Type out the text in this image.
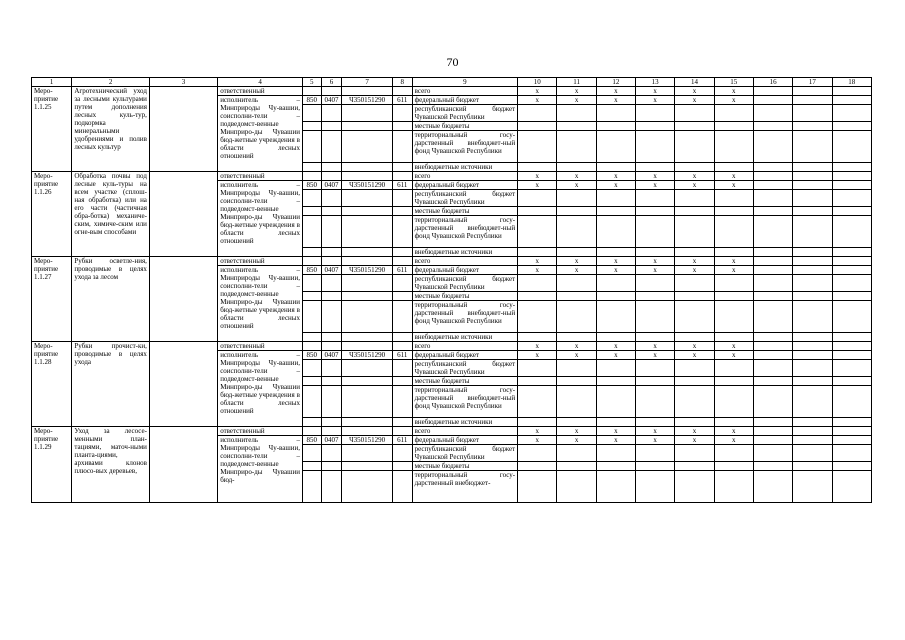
70
1	2	3	4	5	6	7	8	9	10	11	12	13	14	15	16	17	18
Меро-приятие 1.1.25	Агротехнический уход за лесными культурами путем дополнения лесных куль-тур, подкормка минеральными удобрениями и полив лесных культур		ответственный					всего	x	x	x	x	x	x			
			исполнитель – Минприроды Чу-вашии, соисполни-тели – подведомст-венные Минприро-ды Чувашии бюд-жетные учреждения в области лесных отношений	850	0407	Ч350151290	611	федеральный бюджет	x	x	x	x	x	x			
								республиканский бюджет Чувашской Республики									
								местные бюджеты									
								территориальный госу-дарственный внебюджет-ный фонд Чувашской Республики									
								внебюджетные источники									
Меро-приятие 1.1.26	Обработка почвы под лесные куль-туры на всем участке (сплош-ная обработка) или на его части (частичная обра-ботка) механиче-ским, химиче-ским или огне-вым способами		ответственный					всего	x	x	x	x	x	x			
			исполнитель – Минприроды Чу-вашии, соисполни-тели – подведомст-венные Минприро-ды Чувашии бюд-жетные учреждения в области лесных отношений	850	0407	Ч350151290	611	федеральный бюджет	x	x	x	x	x	x			
								республиканский бюджет Чувашской Республики									
								местные бюджеты									
								территориальный госу-дарственный внебюджет-ный фонд Чувашской Республики									
								внебюджетные источники									
Меро-приятие 1.1.27	Рубки осветле-ния, проводимые в целях ухода за лесом		ответственный					всего	x	x	x	x	x	x			
			исполнитель – Минприроды Чу-вашии, соисполни-тели – подведомст-венные Минприро-ды Чувашии бюд-жетные учреждения в области лесных отношений	850	0407	Ч350151290	611	федеральный бюджет	x	x	x	x	x	x			
								республиканский бюджет Чувашской Республики									
								местные бюджеты									
								территориальный госу-дарственный внебюджет-ный фонд Чувашской Республики									
								внебюджетные источники									
Меро-приятие 1.1.28	Рубки прочист-ки, проводимые в целях ухода		ответственный					всего	x	x	x	x	x	x			
			исполнитель – Минприроды Чу-вашии, соисполни-тели – подведомст-венные Минприро-ды Чувашии бюд-жетные учреждения в области лесных отношений	850	0407	Ч350151290	611	федеральный бюджет	x	x	x	x	x	x			
								республиканский бюджет Чувашской Республики									
								местные бюджеты									
								территориальный госу-дарственный внебюджет-ный фонд Чувашской Республики									
								внебюджетные источники									
Меро-приятие 1.1.29	Уход за лесосе-менными план-тациями, маточ-ными планта-циями, архивами клонов плюсо-вых деревьев,		ответственный					всего	x	x	x	x	x	x			
			исполнитель – Минприроды Чу-вашии, соисполни-тели – подведомст-венные Минприро-ды Чувашии бюд-	850	0407	Ч350151290	611	федеральный бюджет	x	x	x	x	x	x			
								республиканский бюджет Чувашской Республики									
								местные бюджеты									
								территориальный госу-дарственный внебюджет-									
